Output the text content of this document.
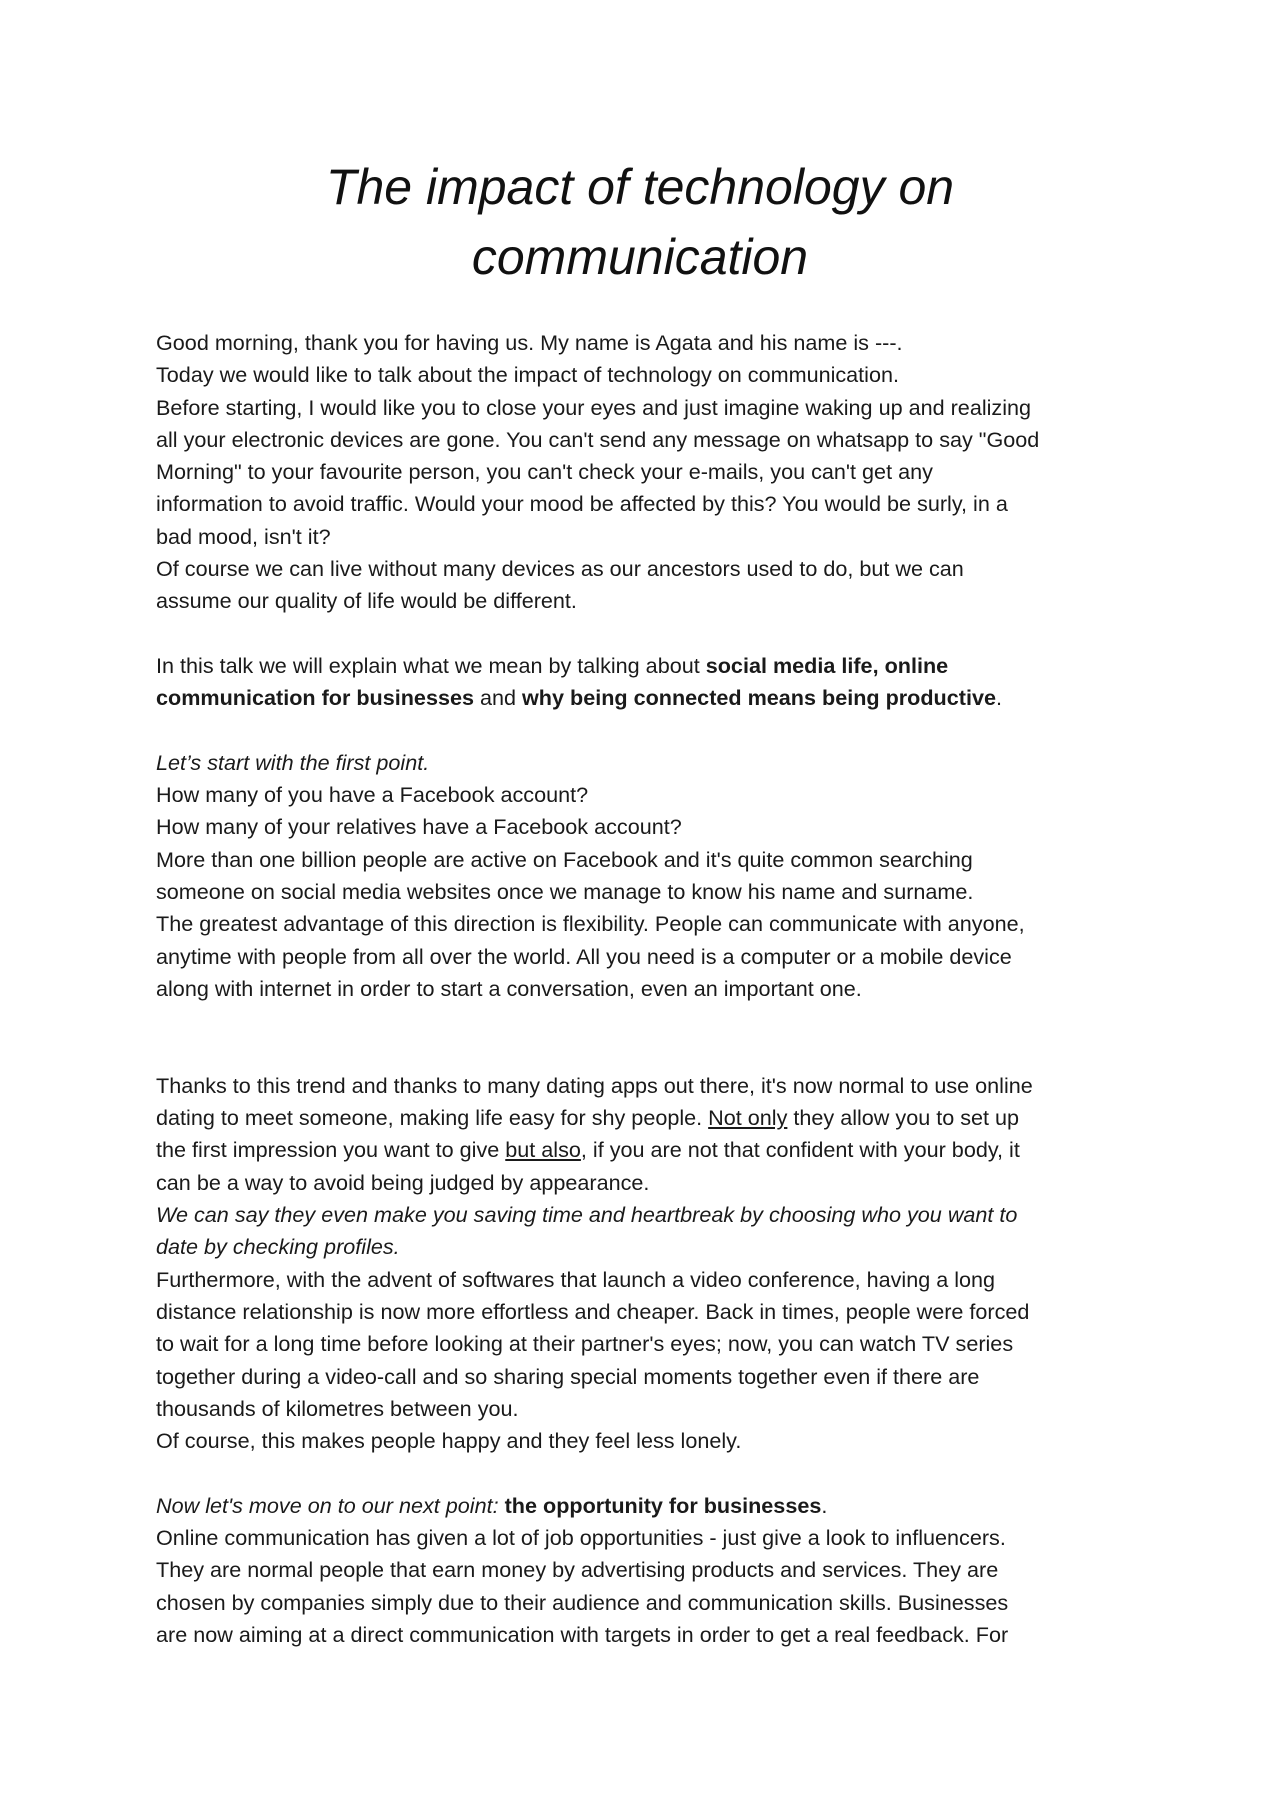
The impact of technology on
communication

Good morning, thank you for having us. My name is Agata and his name is ---.

Today we would like to talk about the impact of technology on communication.

Before starting, I would like you to close your eyes and just imagine waking up and realizing

all your electronic devices are gone. You can't send any message on whatsapp to say "Good

Morning" to your favourite person, you can't check your e-mails, you can't get any

information to avoid traffic. Would your mood be affected by this? You would be surly, in a

bad mood, isn't it?

Of course we can live without many devices as our ancestors used to do, but we can

assume our quality of life would be different.

In this talk we will explain what we mean by talking about social media life, online

communication for businesses and why being connected means being productive.

Let’s start with the first point.

How many of you have a Facebook account?

How many of your relatives have a Facebook account?

More than one billion people are active on Facebook and it's quite common searching

someone on social media websites once we manage to know his name and surname.

The greatest advantage of this direction is flexibility. People can communicate with anyone,

anytime with people from all over the world. All you need is a computer or a mobile device

along with internet in order to start a conversation, even an important one.

Thanks to this trend and thanks to many dating apps out there, it's now normal to use online

dating to meet someone, making life easy for shy people. Not only they allow you to set up

the first impression you want to give but also, if you are not that confident with your body, it

can be a way to avoid being judged by appearance.

We can say they even make you saving time and heartbreak by choosing who you want to

date by checking profiles.

Furthermore, with the advent of softwares that launch a video conference, having a long

distance relationship is now more effortless and cheaper. Back in times, people were forced

to wait for a long time before looking at their partner's eyes; now, you can watch TV series

together during a video-call and so sharing special moments together even if there are

thousands of kilometres between you.

Of course, this makes people happy and they feel less lonely.

Now let's move on to our next point: the opportunity for businesses.

Online communication has given a lot of job opportunities - just give a look to influencers.

They are normal people that earn money by advertising products and services. They are

chosen by companies simply due to their audience and communication skills. Businesses

are now aiming at a direct communication with targets in order to get a real feedback. For
